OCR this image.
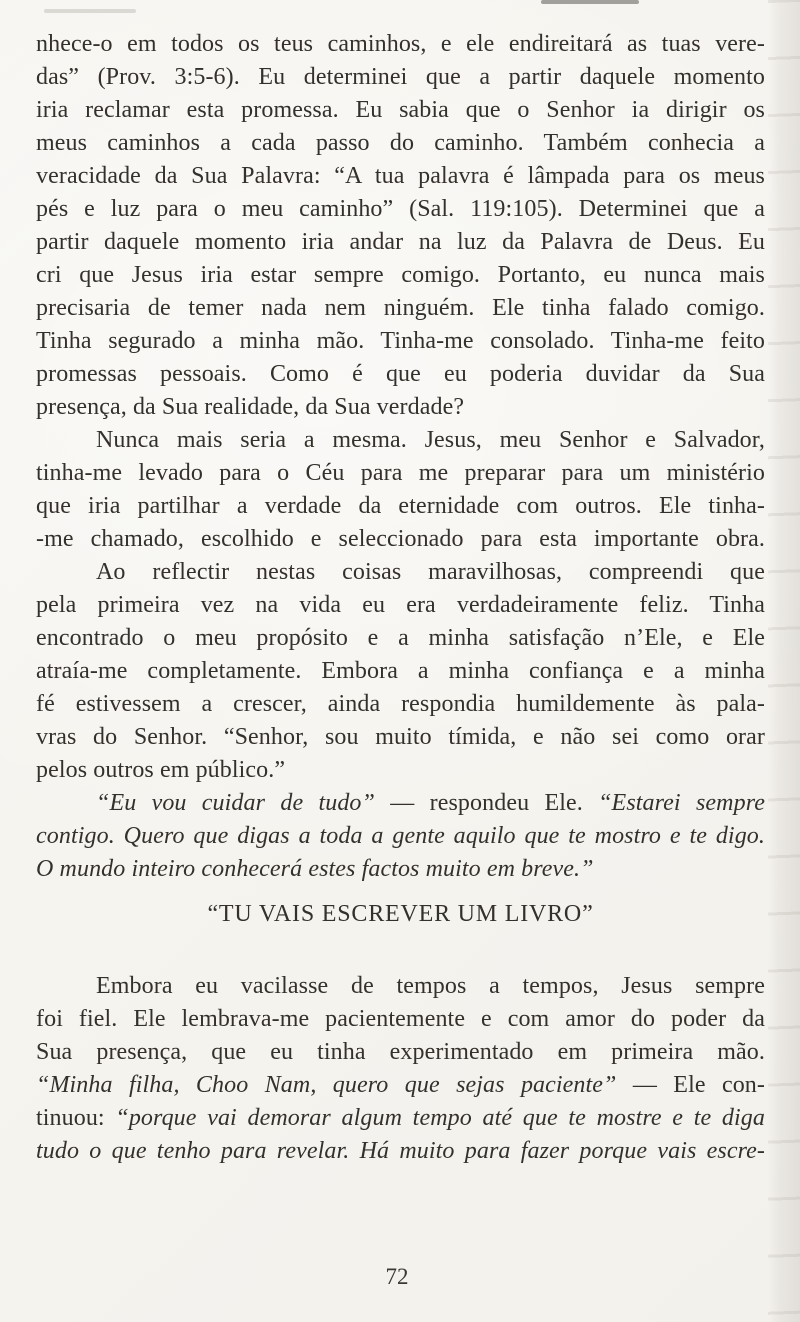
nhece-o em todos os teus caminhos, e ele endireitará as tuas vere-
das” (Prov. 3:5-6). Eu determinei que a partir daquele momento
iria reclamar esta promessa. Eu sabia que o Senhor ia dirigir os
meus caminhos a cada passo do caminho. Também conhecia a
veracidade da Sua Palavra: “A tua palavra é lâmpada para os meus
pés e luz para o meu caminho” (Sal. 119:105). Determinei que a
partir daquele momento iria andar na luz da Palavra de Deus. Eu
cri que Jesus iria estar sempre comigo. Portanto, eu nunca mais
precisaria de temer nada nem ninguém. Ele tinha falado comigo.
Tinha segurado a minha mão. Tinha-me consolado. Tinha-me feito
promessas pessoais. Como é que eu poderia duvidar da Sua
presença, da Sua realidade, da Sua verdade?
Nunca mais seria a mesma. Jesus, meu Senhor e Salvador,
tinha-me levado para o Céu para me preparar para um ministério
que iria partilhar a verdade da eternidade com outros. Ele tinha-
-me chamado, escolhido e seleccionado para esta importante obra.
Ao reflectir nestas coisas maravilhosas, compreendi que
pela primeira vez na vida eu era verdadeiramente feliz. Tinha
encontrado o meu propósito e a minha satisfação n’Ele, e Ele
atraía-me completamente. Embora a minha confiança e a minha
fé estivessem a crescer, ainda respondia humildemente às pala-
vras do Senhor. “Senhor, sou muito tímida, e não sei como orar
pelos outros em público.”
“Eu vou cuidar de tudo” — respondeu Ele. “Estarei sempre
contigo. Quero que digas a toda a gente aquilo que te mostro e te digo.
O mundo inteiro conhecerá estes factos muito em breve.”
“TU VAIS ESCREVER UM LIVRO”
Embora eu vacilasse de tempos a tempos, Jesus sempre
foi fiel. Ele lembrava-me pacientemente e com amor do poder da
Sua presença, que eu tinha experimentado em primeira mão.
“Minha filha, Choo Nam, quero que sejas paciente” — Ele con-
tinuou: “porque vai demorar algum tempo até que te mostre e te diga
tudo o que tenho para revelar. Há muito para fazer porque vais escre-
72
